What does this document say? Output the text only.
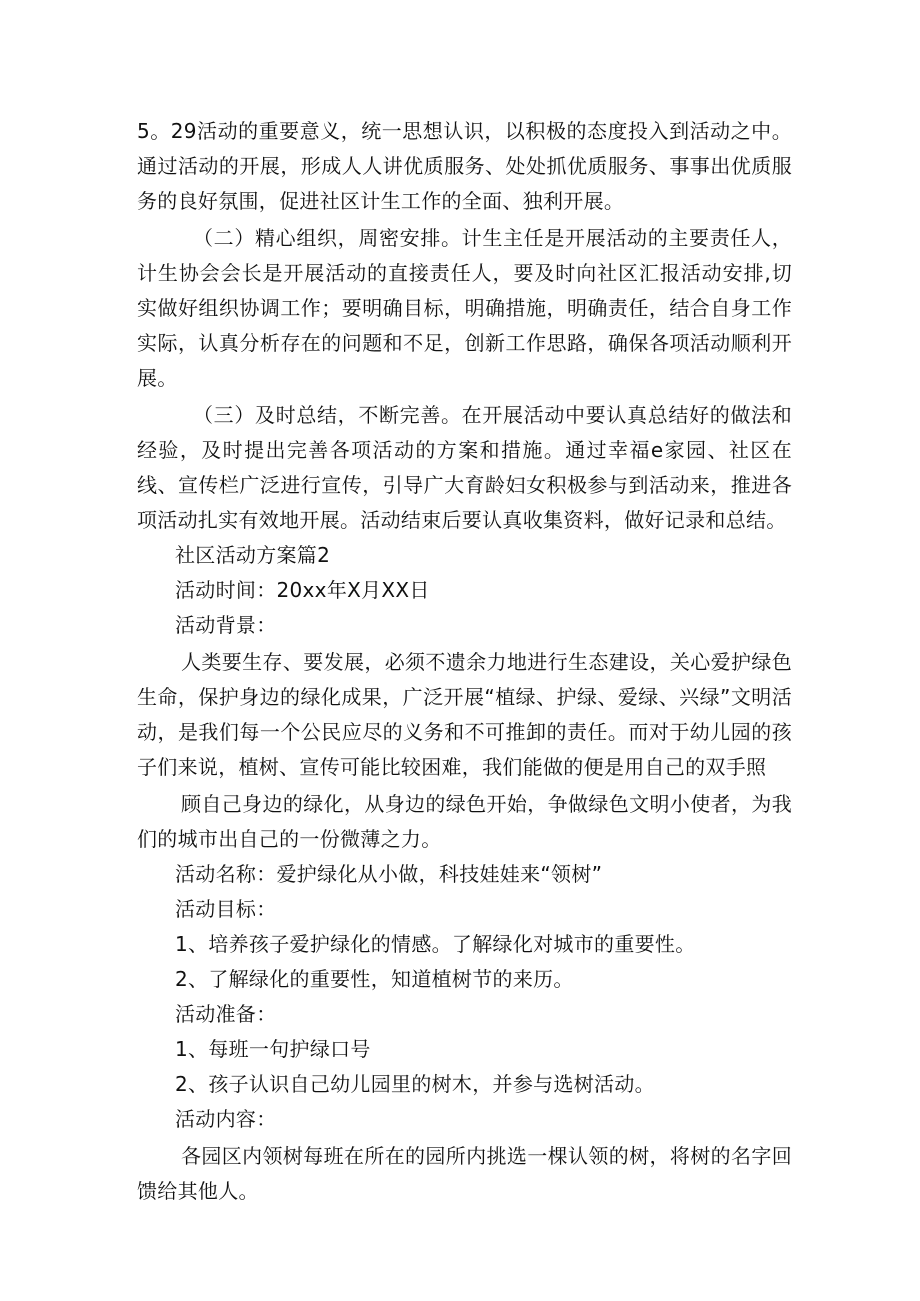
5。29活动的重要意义，统一思想认识，以积极的态度投入到活动之中。通过活动的开展，形成人人讲优质服务、处处抓优质服务、事事出优质服务的良好氛围，促进社区计生工作的全面、独利开展。

（二）精心组织，周密安排。计生主任是开展活动的主要责任人，计生协会会长是开展活动的直接责任人，要及时向社区汇报活动安排,切实做好组织协调工作；要明确目标，明确措施，明确责任，结合自身工作实际，认真分析存在的问题和不足，创新工作思路，确保各项活动顺利开展。

（三）及时总结，不断完善。在开展活动中要认真总结好的做法和经验，及时提出完善各项活动的方案和措施。通过幸福e家园、社区在线、宣传栏广泛进行宣传，引导广大育龄妇女积极参与到活动来，推进各项活动扎实有效地开展。活动结束后要认真收集资料，做好记录和总结。

社区活动方案篇2

活动时间：20xx年X月XX日

活动背景：

人类要生存、要发展，必须不遗余力地进行生态建设，关心爱护绿色生命，保护身边的绿化成果，广泛开展“植绿、护绿、爱绿、兴绿”文明活动，是我们每一个公民应尽的义务和不可推卸的责任。而对于幼儿园的孩子们来说，植树、宣传可能比较困难，我们能做的便是用自己的双手照

顾自己身边的绿化，从身边的绿色开始，争做绿色文明小使者，为我们的城市出自己的一份微薄之力。

活动名称：爱护绿化从小做，科技娃娃来“领树”

活动目标：

1、培养孩子爱护绿化的情感。了解绿化对城市的重要性。

2、了解绿化的重要性，知道植树节的来历。

活动准备：

1、每班一句护绿口号

2、孩子认识自己幼儿园里的树木，并参与选树活动。

活动内容：

各园区内领树每班在所在的园所内挑选一棵认领的树，将树的名字回馈给其他人。
